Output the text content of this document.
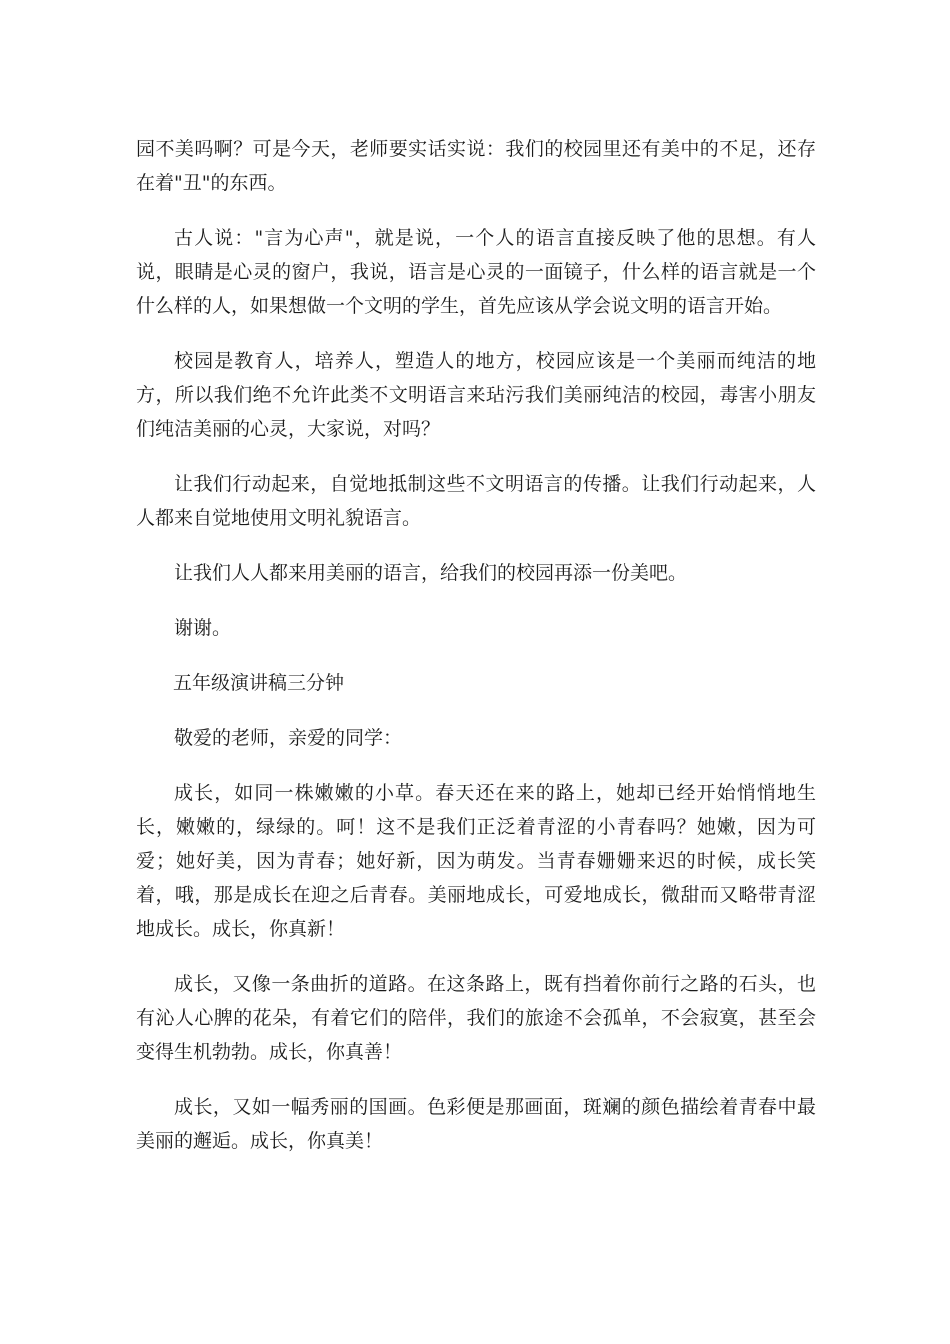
园不美吗啊？可是今天，老师要实话实说：我们的校园里还有美中的不足，还存在着"丑"的东西。

古人说："言为心声"，就是说，一个人的语言直接反映了他的思想。有人说，眼睛是心灵的窗户，我说，语言是心灵的一面镜子，什么样的语言就是一个什么样的人，如果想做一个文明的学生，首先应该从学会说文明的语言开始。

校园是教育人，培养人，塑造人的地方，校园应该是一个美丽而纯洁的地方，所以我们绝不允许此类不文明语言来玷污我们美丽纯洁的校园，毒害小朋友们纯洁美丽的心灵，大家说，对吗？

让我们行动起来，自觉地抵制这些不文明语言的传播。让我们行动起来，人人都来自觉地使用文明礼貌语言。

让我们人人都来用美丽的语言，给我们的校园再添一份美吧。

谢谢。

五年级演讲稿三分钟

敬爱的老师，亲爱的同学：

成长，如同一株嫩嫩的小草。春天还在来的路上，她却已经开始悄悄地生长，嫩嫩的，绿绿的。呵！这不是我们正泛着青涩的小青春吗？她嫩，因为可爱；她好美，因为青春；她好新，因为萌发。当青春姗姗来迟的时候，成长笑着，哦，那是成长在迎之后青春。美丽地成长，可爱地成长，微甜而又略带青涩地成长。成长，你真新！

成长，又像一条曲折的道路。在这条路上，既有挡着你前行之路的石头，也有沁人心脾的花朵，有着它们的陪伴，我们的旅途不会孤单，不会寂寞，甚至会变得生机勃勃。成长，你真善！

成长，又如一幅秀丽的国画。色彩便是那画面，斑斓的颜色描绘着青春中最美丽的邂逅。成长，你真美！
